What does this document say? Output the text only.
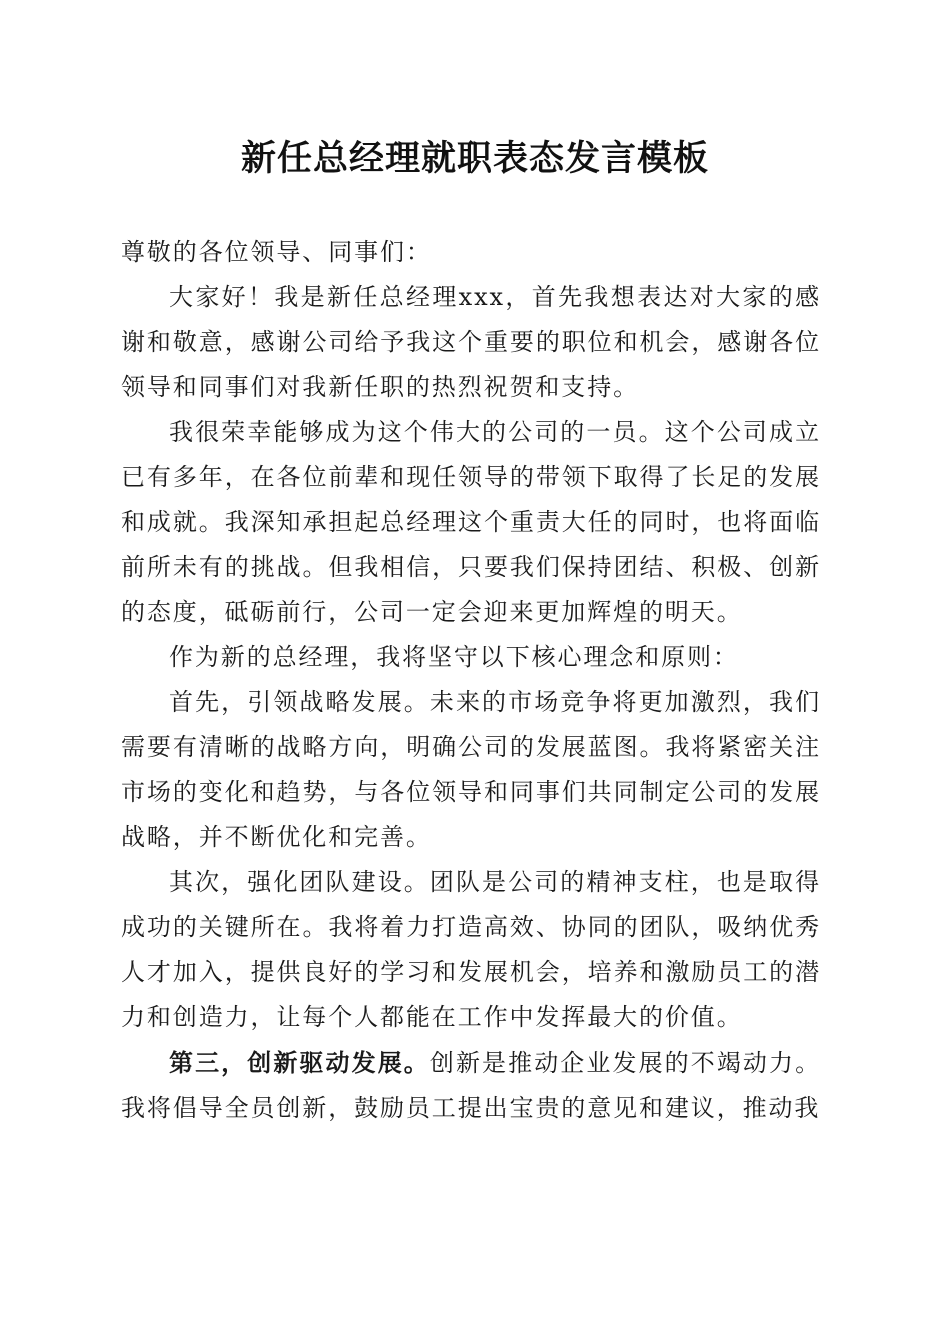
新任总经理就职表态发言模板

尊敬的各位领导、同事们：

大家好！我是新任总经理xxx，首先我想表达对大家的感谢和敬意，感谢公司给予我这个重要的职位和机会，感谢各位领导和同事们对我新任职的热烈祝贺和支持。

我很荣幸能够成为这个伟大的公司的一员。这个公司成立已有多年，在各位前辈和现任领导的带领下取得了长足的发展和成就。我深知承担起总经理这个重责大任的同时，也将面临前所未有的挑战。但我相信，只要我们保持团结、积极、创新的态度，砥砺前行，公司一定会迎来更加辉煌的明天。

作为新的总经理，我将坚守以下核心理念和原则：

首先，引领战略发展。未来的市场竞争将更加激烈，我们需要有清晰的战略方向，明确公司的发展蓝图。我将紧密关注市场的变化和趋势，与各位领导和同事们共同制定公司的发展战略，并不断优化和完善。

其次，强化团队建设。团队是公司的精神支柱，也是取得成功的关键所在。我将着力打造高效、协同的团队，吸纳优秀人才加入，提供良好的学习和发展机会，培养和激励员工的潜力和创造力，让每个人都能在工作中发挥最大的价值。

第三，创新驱动发展。创新是推动企业发展的不竭动力。我将倡导全员创新，鼓励员工提出宝贵的意见和建议，推动我
